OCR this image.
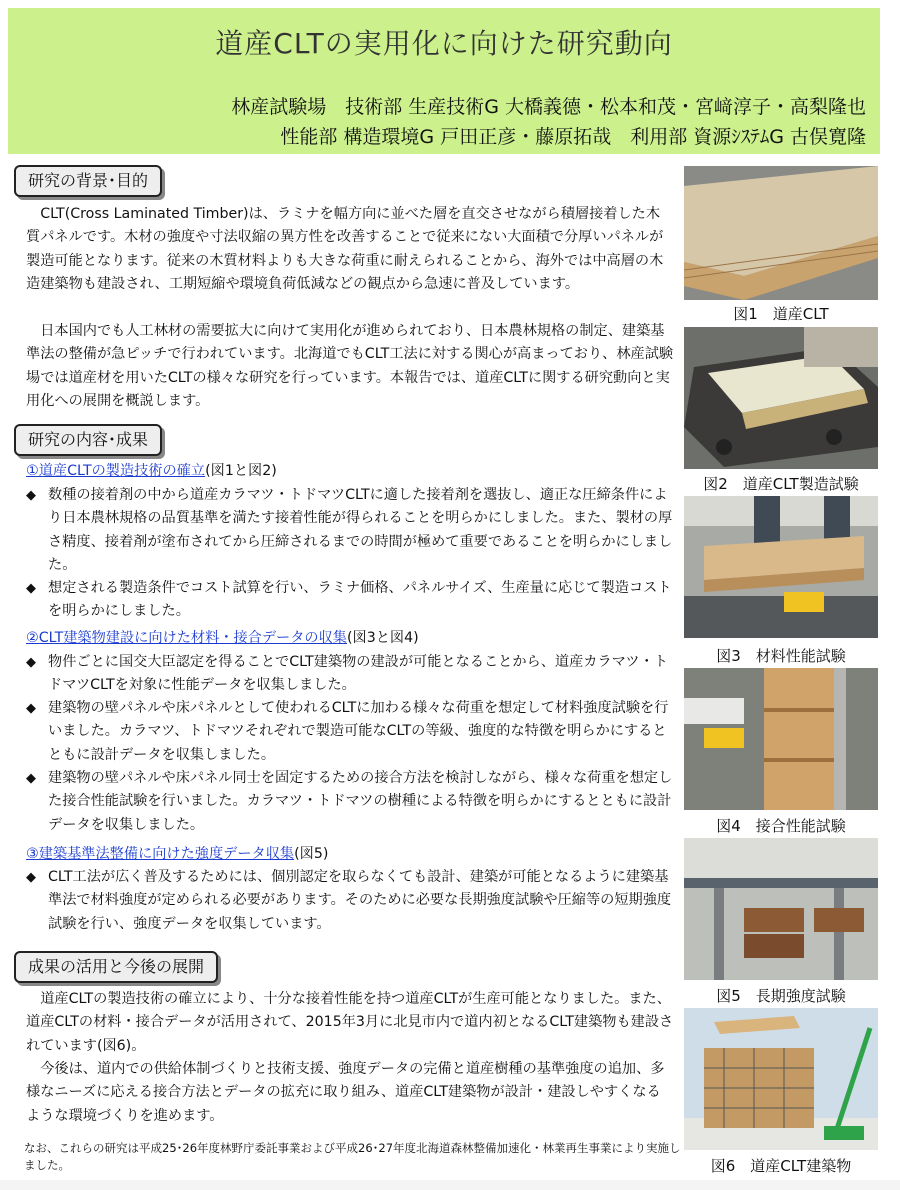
道産CLTの実用化に向けた研究動向
林産試験場　技術部 生産技術G 大橋義德・松本和茂・宮﨑淳子・高梨隆也
性能部 構造環境G 戸田正彦・藤原拓哉　利用部 資源ｼｽﾃﾑG 古俣寛隆
研究の背景･目的

CLT(Cross Laminated Timber)は、ラミナを幅方向に並べた層を直交させながら積層接着した木質パネルです。木材の強度や寸法収縮の異方性を改善することで従来にない大面積で分厚いパネルが製造可能となります。従来の木質材料よりも大きな荷重に耐えられることから、海外では中高層の木造建築物も建設され、工期短縮や環境負荷低減などの観点から急速に普及しています。

日本国内でも人工林材の需要拡大に向けて実用化が進められており、日本農林規格の制定、建築基準法の整備が急ピッチで行われています。北海道でもCLT工法に対する関心が高まっており、林産試験場では道産材を用いたCLTの様々な研究を行っています。本報告では、道産CLTに関する研究動向と実用化への展開を概説します。

研究の内容･成果
①道産CLTの製造技術の確立(図1と図2)
◆ 数種の接着剤の中から道産カラマツ・トドマツCLTに適した接着剤を選抜し、適正な圧締条件により日本農林規格の品質基準を満たす接着性能が得られることを明らかにしました。また、製材の厚さ精度、接着剤が塗布されてから圧締されるまでの時間が極めて重要であることを明らかにしました。
◆ 想定される製造条件でコスト試算を行い、ラミナ価格、パネルサイズ、生産量に応じて製造コストを明らかにしました。
②CLT建築物建設に向けた材料・接合データの収集(図3と図4)
◆ 物件ごとに国交大臣認定を得ることでCLT建築物の建設が可能となることから、道産カラマツ・トドマツCLTを対象に性能データを収集しました。
◆ 建築物の壁パネルや床パネルとして使われるCLTに加わる様々な荷重を想定して材料強度試験を行いました。カラマツ、トドマツそれぞれで製造可能なCLTの等級、強度的な特徴を明らかにするとともに設計データを収集しました。
◆ 建築物の壁パネルや床パネル同士を固定するための接合方法を検討しながら、様々な荷重を想定した接合性能試験を行いました。カラマツ・トドマツの樹種による特徴を明らかにするとともに設計データを収集しました。
③建築基準法整備に向けた強度データ収集(図5)
◆ CLT工法が広く普及するためには、個別認定を取らなくても設計、建築が可能となるように建築基準法で材料強度が定められる必要があります。そのために必要な長期強度試験や圧縮等の短期強度試験を行い、強度データを収集しています。
成果の活用と今後の展開

道産CLTの製造技術の確立により、十分な接着性能を持つ道産CLTが生産可能となりました。また、道産CLTの材料・接合データが活用されて、2015年3月に北見市内で道内初となるCLT建築物も建設されています(図6)。

今後は、道内での供給体制づくりと技術支援、強度データの完備と道産樹種の基準強度の追加、多様なニーズに応える接合方法とデータの拡充に取り組み、道産CLT建築物が設計・建設しやすくなるような環境づくりを進めます。

なお、これらの研究は平成25･26年度林野庁委託事業および平成26･27年度北海道森林整備加速化・林業再生事業により実施しました。
図1　道産CLT
図2　道産CLT製造試験
図3　材料性能試験
図4　接合性能試験
図5　長期強度試験
図6　道産CLT建築物
